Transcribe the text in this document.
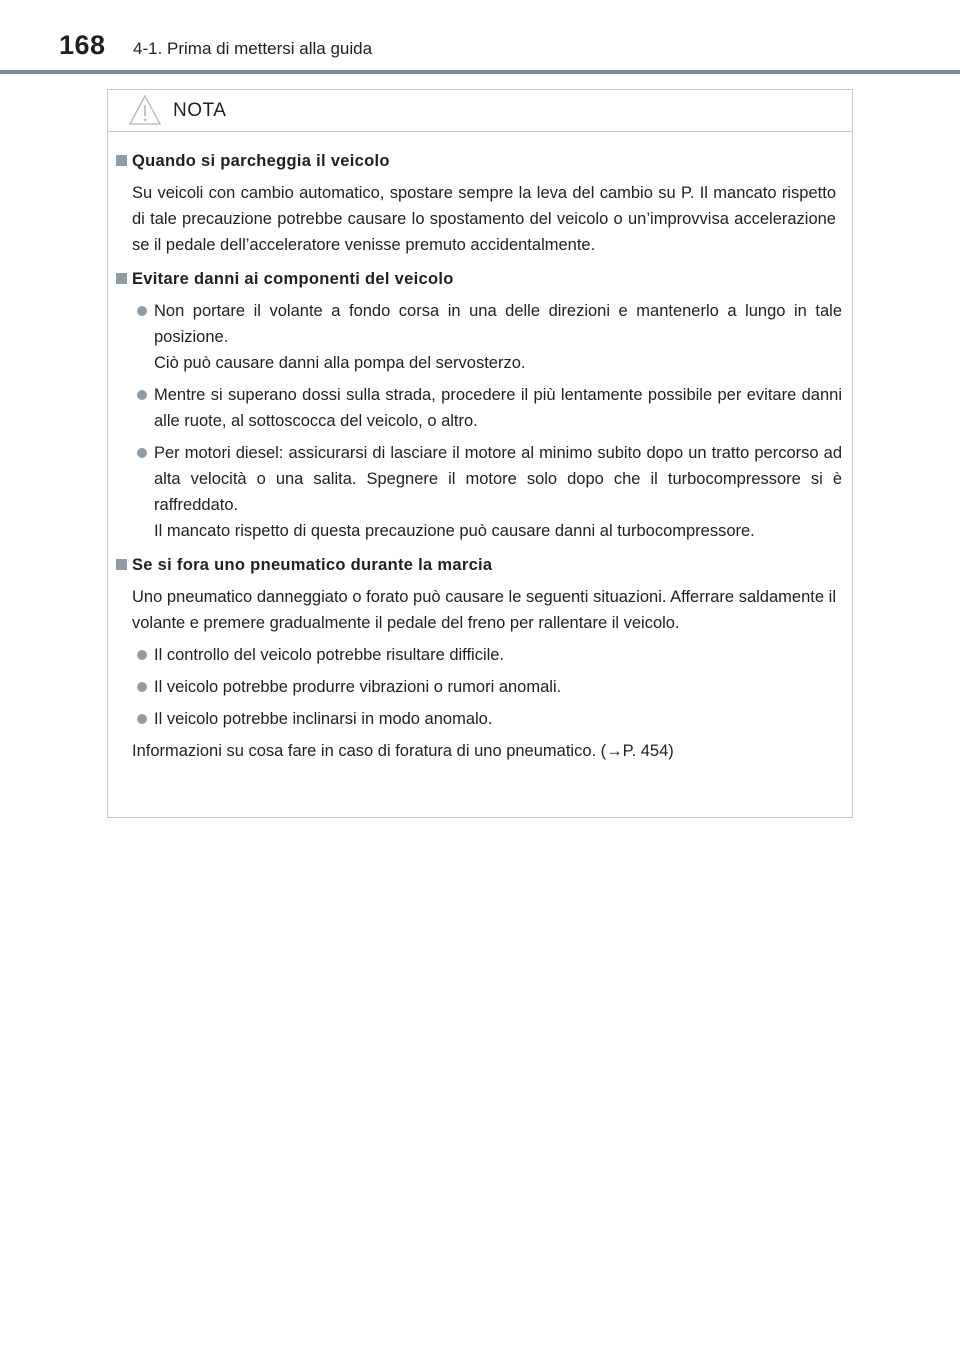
168 4-1. Prima di mettersi alla guida
NOTA
Quando si parcheggia il veicolo
Su veicoli con cambio automatico, spostare sempre la leva del cambio su P. Il mancato rispetto di tale precauzione potrebbe causare lo spostamento del veicolo o un’improvvisa accelerazione se il pedale dell’acceleratore venisse premuto accidentalmente.
Evitare danni ai componenti del veicolo
Non portare il volante a fondo corsa in una delle direzioni e mantenerlo a lungo in tale posizione.
Ciò può causare danni alla pompa del servosterzo.
Mentre si superano dossi sulla strada, procedere il più lentamente possibile per evitare danni alle ruote, al sottoscocca del veicolo, o altro.
Per motori diesel: assicurarsi di lasciare il motore al minimo subito dopo un tratto percorso ad alta velocità o una salita. Spegnere il motore solo dopo che il turbocompressore si è raffreddato.
Il mancato rispetto di questa precauzione può causare danni al turbocompressore.
Se si fora uno pneumatico durante la marcia
Uno pneumatico danneggiato o forato può causare le seguenti situazioni. Afferrare saldamente il volante e premere gradualmente il pedale del freno per rallentare il veicolo.
Il controllo del veicolo potrebbe risultare difficile.
Il veicolo potrebbe produrre vibrazioni o rumori anomali.
Il veicolo potrebbe inclinarsi in modo anomalo.
Informazioni su cosa fare in caso di foratura di uno pneumatico. (→P. 454)
